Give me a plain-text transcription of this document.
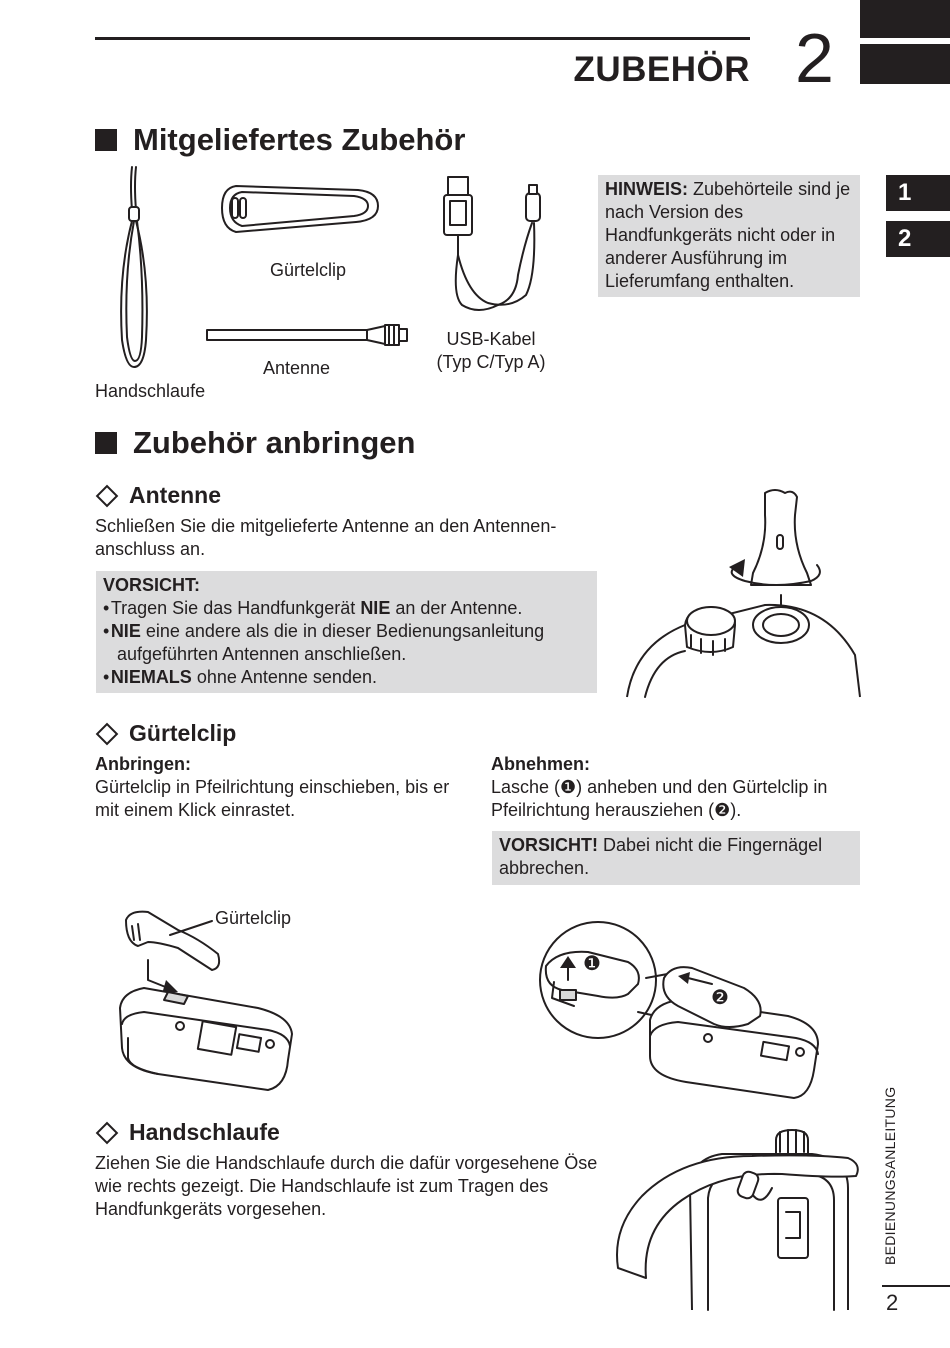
ZUBEHÖR 2
1
2
Mitgeliefertes Zubehör
Handschlaufe
Gürtelclip
Antenne
USB-Kabel
(Typ C/Typ A)
HINWEIS: Zubehörteile sind je nach Version des Handfunkgeräts nicht oder in anderer Ausführung im Lieferumfang enthalten.
Zubehör anbringen
Antenne
Schließen Sie die mitgelieferte Antenne an den Antennenanschluss an.
VORSICHT:
• Tragen Sie das Handfunkgerät NIE an der Antenne.
• NIE eine andere als die in dieser Bedienungsanleitung aufgeführten Antennen anschließen.
• NIEMALS ohne Antenne senden.
Gürtelclip
Anbringen:
Gürtelclip in Pfeilrichtung einschieben, bis er mit einem Klick einrastet.
Abnehmen:
Lasche (❶) anheben und den Gürtelclip in Pfeilrichtung herausziehen (❷).
VORSICHT! Dabei nicht die Fingernägel abbrechen.
Gürtelclip
❶
❷
Handschlaufe
Ziehen Sie die Handschlaufe durch die dafür vorgesehene Öse wie rechts gezeigt. Die Handschlaufe ist zum Tragen des Handfunkgeräts vorgesehen.	BEDIENUNGSANLEITUNG
2
